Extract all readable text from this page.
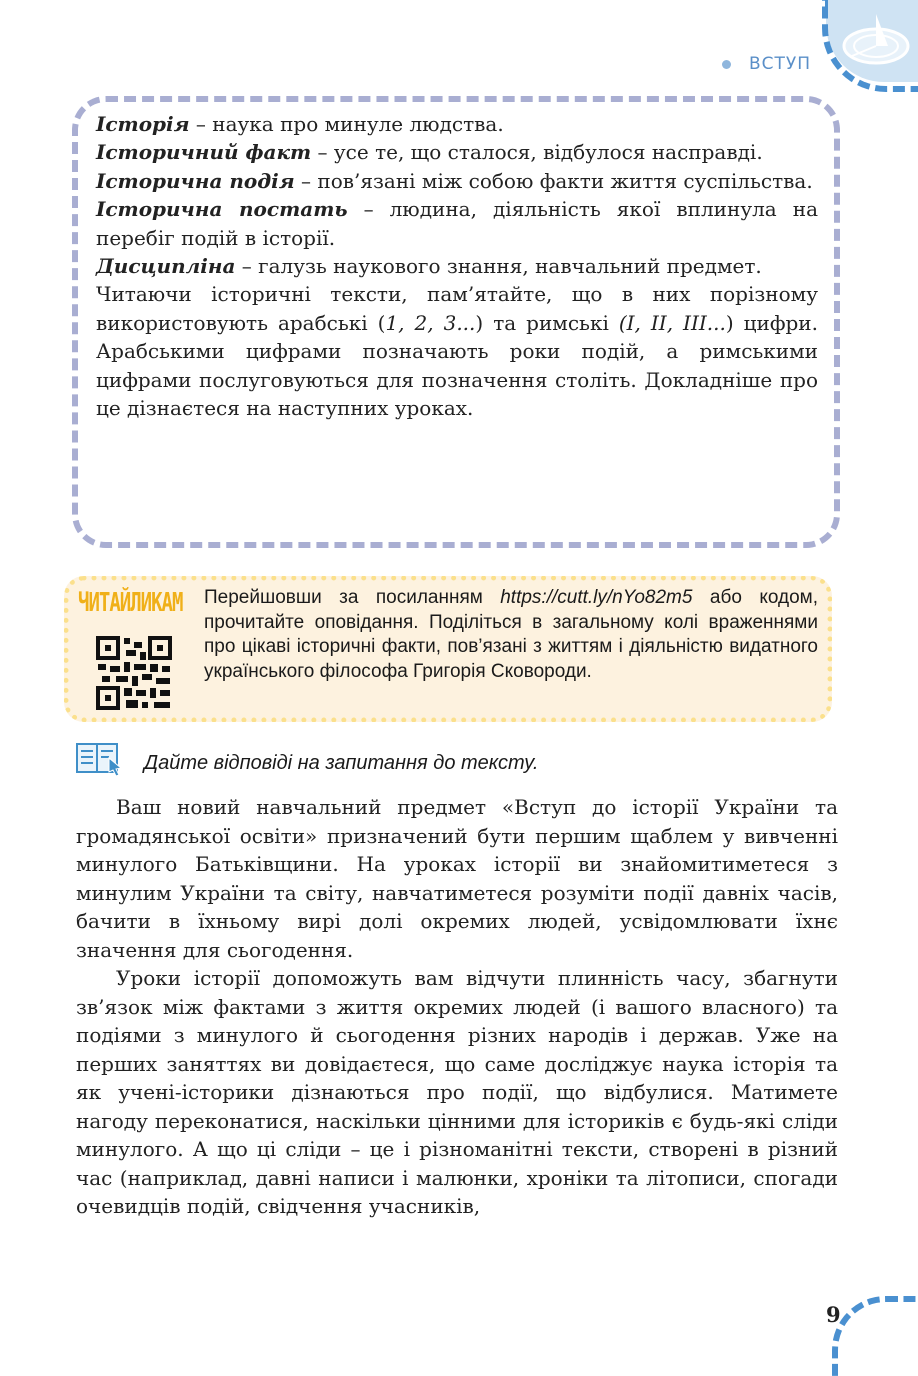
ВСТУП

Історія – наука про минуле людства.

Історичний факт – усе те, що сталося, відбулося насправді.

Історична подія – пов’язані між собою факти життя суспільства.

Історична постать – людина, діяльність якої вплинула на перебіг подій в історії.

Дисципліна – галузь наукового знання, навчальний предмет.

Читаючи історичні тексти, пам’ятайте, що в них порізному використовують арабські (1, 2, 3...) та римські (I, II, III...) цифри. Арабськими цифрами позначають роки подій, а римськими цифрами послуговуються для позначення століть. Докладніше про це дізнаєтеся на наступних уроках.

ЧИТАЙЛИКАМ Перейшовши за посиланням https://cutt.ly/nYo82m5 або кодом, прочитайте оповідання. Поділіться в загальному колі враженнями про цікаві історичні факти, пов’язані з життям і діяльністю видатного українського філософа Григорія Сковороди.
Дайте відповіді на запитання до тексту.

Ваш новий навчальний предмет «Вступ до історії України та громадянської освіти» призначений бути першим щаблем у вивченні минулого Батьківщини. На уроках історії ви знайомитиметеся з минулим України та світу, навчатиметеся розуміти події давніх часів, бачити в їхньому вирі долі окремих людей, усвідомлювати їхнє значення для сьогодення.

Уроки історії допоможуть вам відчути плинність часу, збагнути зв’язок між фактами з життя окремих людей (і вашого власного) та подіями з минулого й сьогодення різних народів і держав. Уже на перших заняттях ви довідаєтеся, що саме досліджує наука історія та як учені-історики дізнаються про події, що відбулися. Матимете нагоду переконатися, наскільки цінними для істориків є будь-які сліди минулого. А що ці сліди – це і різноманітні тексти, створені в різний час (наприклад, давні написи і малюнки, хроніки та літописи, спогади очевидців подій, свідчення учасників,

9
